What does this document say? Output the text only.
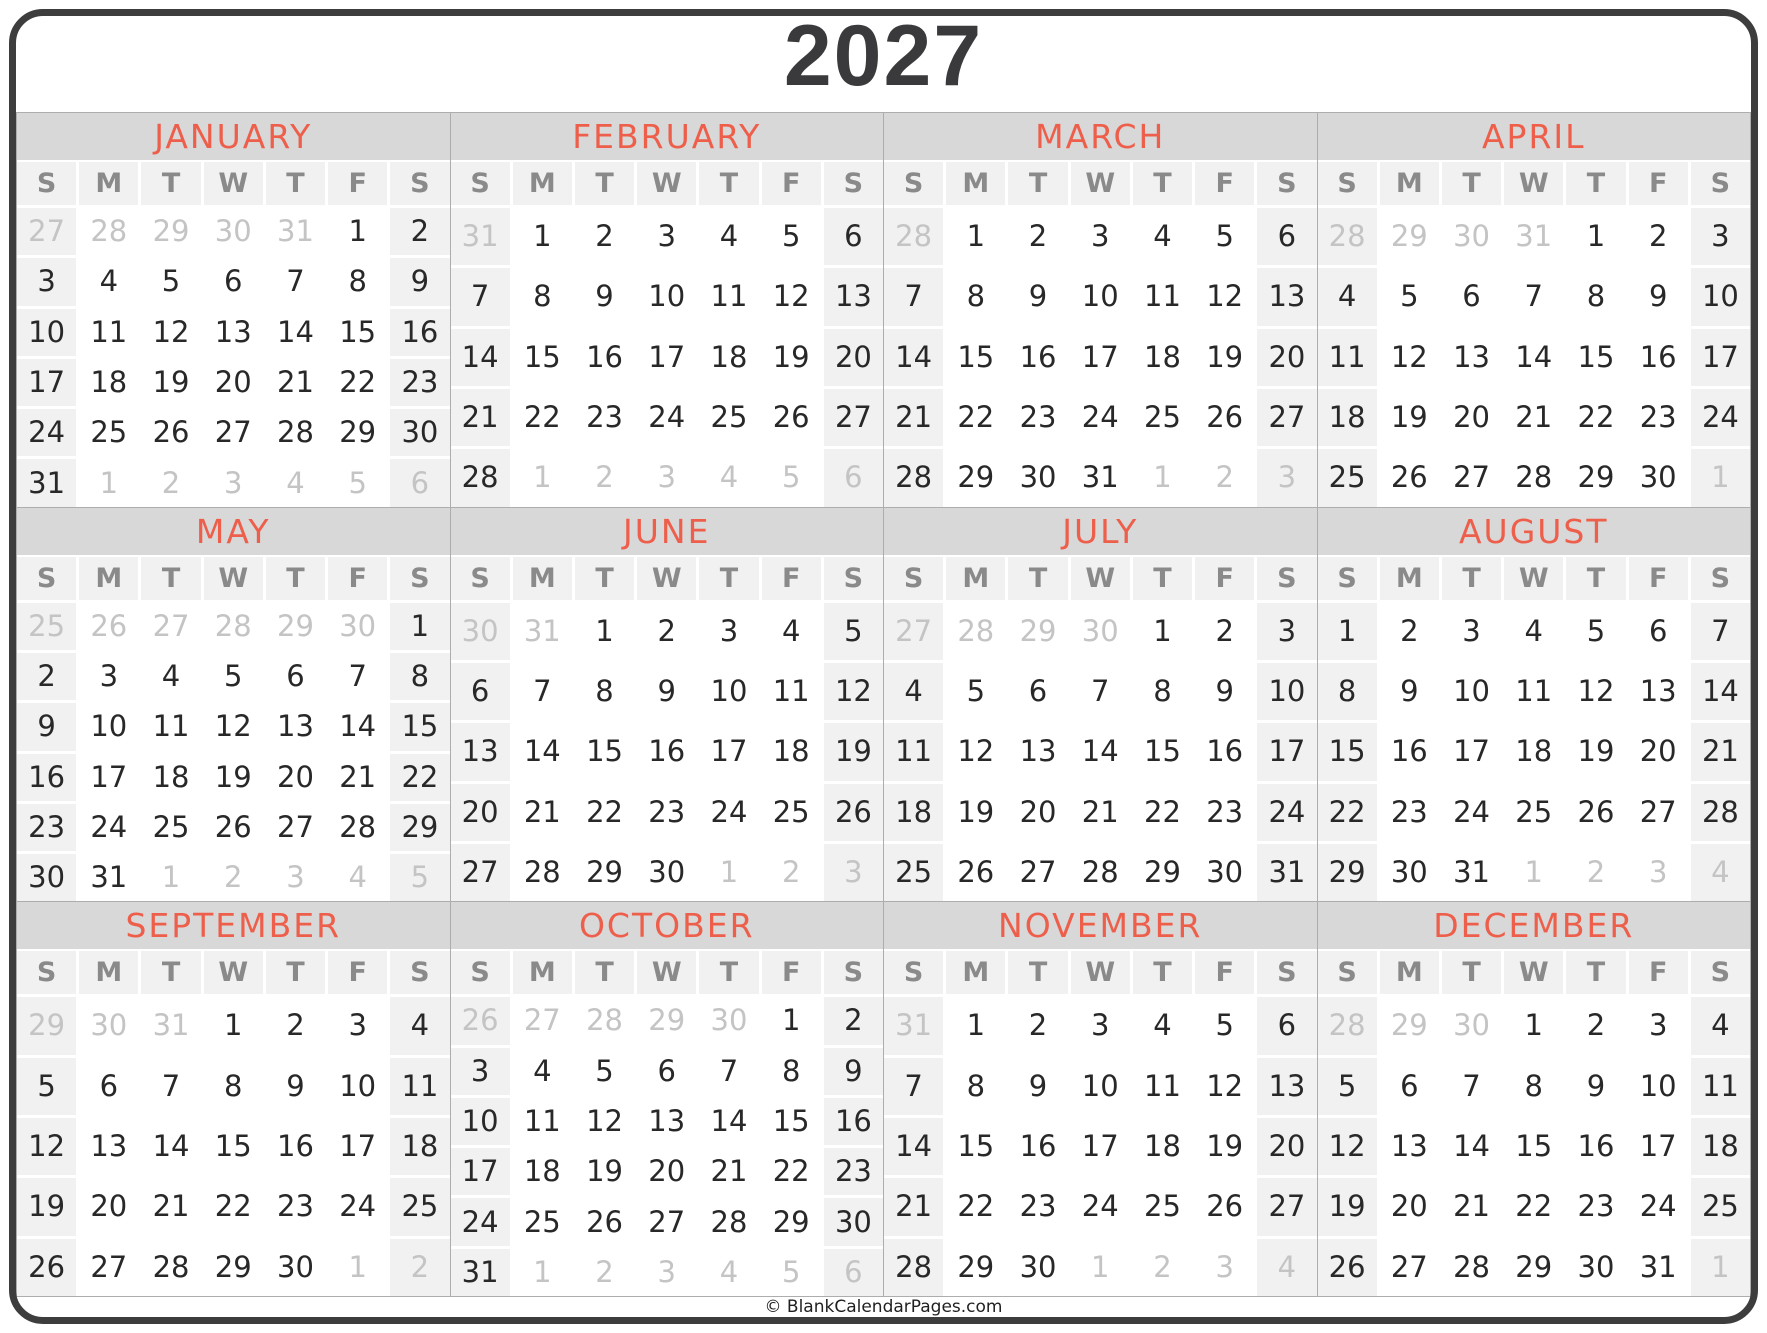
2027
JANUARY
S	M	T	W	T	F	S
27 28 29 30 31	1	2
3	4	5	6	7	8	9
10 11 12 13 14 15 16
17 18 19 20 21 22 23
24 25 26 27 28 29 30
31	1	2	3	4	5	6
FEBRUARY
S	M	T	W	T	F	S
31	1	2	3	4	5	6
7	8	9	10 11 12 13
14 15 16 17 18 19 20
21 22 23 24 25 26 27
28	1	2	3	4	5	6
MARCH
S	M	T	W	T	F	S
28	1	2	3	4	5	6
7	8	9	10 11 12 13
14 15 16 17 18 19 20
21 22 23 24 25 26 27
28 29 30 31	1	2	3
APRIL
S	M	T	W	T	F	S
28 29 30 31	1	2	3
4	5	6	7	8	9	10
11 12 13 14 15 16 17
18 19 20 21 22 23 24
25 26 27 28 29 30	1
MAY
S	M	T	W	T	F	S
25 26 27 28 29 30	1
2	3	4	5	6	7	8
9	10 11 12 13 14 15
16 17 18 19 20 21 22
23 24 25 26 27 28 29
30 31	1	2	3	4	5
JUNE
S	M	T	W	T	F	S
30 31	1	2	3	4	5
6	7	8	9	10 11 12
13 14 15 16 17 18 19
20 21 22 23 24 25 26
27 28 29 30	1	2	3
JULY
S	M	T	W	T	F	S
27 28 29 30	1	2	3
4	5	6	7	8	9	10
11 12 13 14 15 16 17
18 19 20 21 22 23 24
25 26 27 28 29 30 31
AUGUST
S	M	T	W	T	F	S
1	2	3	4	5	6	7
8	9	10 11 12 13 14
15 16 17 18 19 20 21
22 23 24 25 26 27 28
29 30 31	1	2	3	4
SEPTEMBER
S	M	T	W	T	F	S
29 30 31	1	2	3	4
5	6	7	8	9	10 11
12 13 14 15 16 17 18
19 20 21 22 23 24 25
26 27 28 29 30	1	2
OCTOBER
S	M	T	W	T	F	S
26 27 28 29 30	1	2
3	4	5	6	7	8	9
10 11 12 13 14 15 16
17 18 19 20 21 22 23
24 25 26 27 28 29 30
31	1	2	3	4	5	6
NOVEMBER
S	M	T	W	T	F	S
31	1	2	3	4	5	6
7	8	9	10 11 12 13
14 15 16 17 18 19 20
21 22 23 24 25 26 27
28 29 30	1	2	3	4
DECEMBER
S	M	T	W	T	F	S
28 29 30	1	2	3	4
5	6	7	8	9	10 11
12 13 14 15 16 17 18
19 20 21 22 23 24 25
26 27 28 29 30 31	1
© BlankCalendarPages.com
